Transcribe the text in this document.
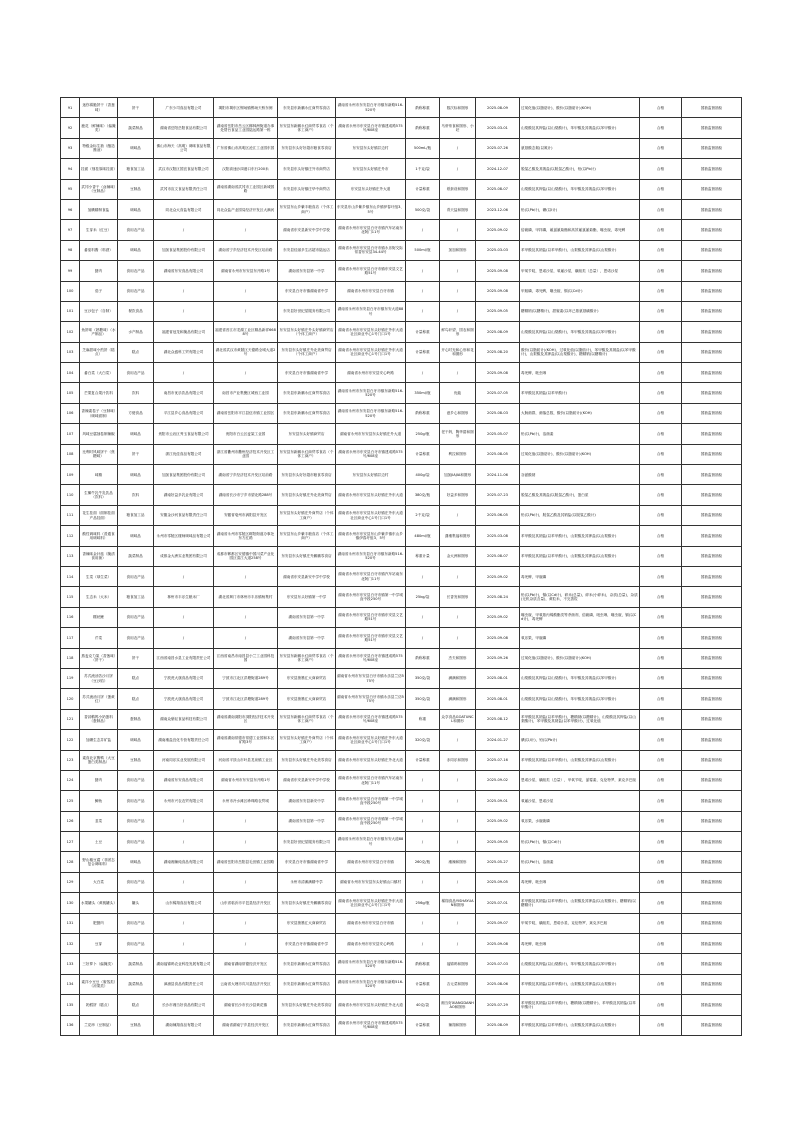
91	迷你薄脆饼干（香葱味）	饼干	广东少司食品有限公司	揭阳市揭东区锡场镇锡场天桥东侧	东安县东新鹏永红商贸零食店	湖南省永州市东安县白牙市镇东新路516-520号	散称称重	数次标和图形	2025-08-09	过氧化值(以脂肪计)，酸价(以脂肪计)(KOH)	合格	国抽监督抽检
92	鹿花（鲜辣味）（偏腌类）	蔬菜制品	湖南省岳阳岳阳食品有限公司	湖南省岳阳市岳云区榔林洲街道办事处帮台食品工业园陆运路第一栋	东安县东新鹏永红商贸零食店（个体工商户）	湖南省永州市东安县白牙市镇建成路575号/608室	散称称重	马蒂蒂食和图形、小坯	2025-03-01	山梨酸及其钾盐(以山梨酸计)，苯甲酸及其钠盐(以苯甲酸计)	合格	国抽监督抽检
93	特级金标生抽（酿造酱油）	调味品	佛山市海天（高明）调味食品有限公司	广东省佛山市高明区沧江工业园东园	东安县东头好好超市粮食零食店	东安县东头好镇井边村	500mL/瓶	/	2025-07-26	氨基酸态氮(以氮计)	合格	国抽监督抽检
94	挂面（细挂原味挂面）	粮食加工品	武汉市汉阳区国宜食品有限公司	汉阳高速沙岗港口东行200米	东安县东头好镇庄外市商贸店	东安县东头好镇庄外市	1千克/袋	/	2024-12-07	脱氢乙酸及其钠盐(以脱氢乙酸计)，铅(以Pb计)	合格	国抽监督抽检
95	武冈小香干（卤辣味）（豆制品）	豆制品	武冈市宣文食品有限责任公司	湖南省湖南省武冈市工业园区新城园路	东安县东头好镇庄华中商贸店	东安县东头好镇庄外大道	计量称重	纸套设和图形	2025-08-07	山梨酸及其钾盐(以山梨酸计)，苯甲酸及其钠盐(以苯甲酸计)	合格	国抽监督抽检
96	加碘精制食盐	调味品	同北众大食盐有限公司	同北众盐产业园局经济开发区大满河	东安县东山乡紫丰粮食店（个体工商户）	东安县东山乡紫乡镇东山乡镇伊春圩组3、5号	500克/袋	青天盐和图形	2023-12-06	铅(以Pb计)，碘(以I计)	合格	国抽监督抽检
97	生芽米（红豆）	食用农产品	/	/	湖南省东安县新安中学中学校	湖南省永州市东安县白牙市镇汽车站南东北阿门11号	/	/	2025-09-02	倍硫磷，甲拌磷，氟氯氰菊酯和高效氟氯氰菊酯，噻虫胺，毒死蜱	合格	国抽监督抽检
98	番茄料酱（料酒）	调味品	加加食品集团股份有限公司	湖南省宁乡经济技术开发区站前路	东安县佳丽多生活超市陆运店	湖南省永州市东安县白牙市镇永乐街交际常香东安县34-44号	500ml/瓶	加加和图形	2025-03-03	苯甲酸及其钠盐(以苯甲酸计)，山梨酸及其钾盐(以山梨酸计)	合格	国抽监督抽检
99	猪肉	食用农产品	湖南省东安食品有限公司	湖南省永州市东安县东开路1号	湖南省东安县第一中学	湖南省永州市东安县白牙市镇东安县文艺路51号	/	/	2025-09-08	甲氧苄啶，恩诺沙星，氧氟沙星，磺胺类（总量），恩诺沙星	合格	国抽监督抽检
100	茄子	食用农产品	/	/	东安县白牙市镇湖南省中学	湖南省永州市东安县白牙市镇	/	/	2025-09-08	甲胺磷，毒死蜱，噻虫胺，镉(以Cd计)	合格	国抽监督抽检
101	豆沙包子（自制）	餐饮食品	/	/	东安县好世纪星服务有限公司	湖南省永州市东安县白牙市镇东安大道88号	/	/	2025-09-05	糖精钠(以糖精计)，甜蜜素(以环己基氨基磺酸计)	合格	国抽监督抽检
102	鱼饼味（熟糖味）（水产制品）	水产制品	福建省冠龙和腌品有限公司	福建省晋江市龙湖工业区精品新祥6688号	东安县东头好镇庄外头好镇商贸店（个体工商户）	湖南省永州市东安县东头好镇庄外东大道社区商业中心1号门口1号	计量称重	鲜鸟轩望、国农和图形	2025-08-09	山梨酸及其钾盐(以山梨酸计)，苯甲酸及其钠盐(以苯甲酸计)	合格	国抽监督抽检
103	芝麻甜味小煎饼（糕点）	糕点	湖北众盛科工贸有限公司	湖北省武汉市黄陂区天德路全城大道2号	东安县东头好镇庄外北美商贸店（个体工商户）	湖南省永州市东安县东头好镇庄外东大道社区商业中心1号门口1号	计量称重	开心时光和心形和花和图形	2025-08-20	酸价(以脂肪计)(KOH)，过氧化值(以脂肪计)，苯甲酸及其钠盐(以苯甲酸计)，山梨酸及其钾盐(以山梨酸计)，糖精钠(以糖精计)	合格	国抽监督抽检
104	番白菜（大白菜）	食用农产品	/	/	东安县白牙市镇湖南省中学	湖南省永州市东安县安心岭路	/	/	2025-09-08	毒死蜱，吡虫啉	合格	国抽监督抽检
105	芒果复合果汁饮料	饮料	南昌市优乐饮品有限公司	南昌市产业集聚区城西工业园	东安县东新鹏永红商贸零食店	湖南省永州市东安县白牙市镇东新路516-520号	350ml/瓶	优能	2025-07-05	苯甲酸及其钠盐(以苯甲酸计)	合格	国抽监督抽检
106	香辣素卷子（豆制味）（调味面制）	方便食品	平江县乡心食品有限公司	湖南省岳阳市平江县伍市镇工业园区	东安县东新鹏永红商贸零食店	湖南省永州市东安县白牙市镇东新路516-520号	散称称重	意乡心和图形	2025-08-03	大肠菌群，菌落总数，酸价(以脂肪计)(KOH)	合格	国抽监督抽检
107	风味豆腐抽卷制辣椒	调味品	贵阳市云岩区秀玉食品有限公司	贵阳市白云区麦架工业园	东安县东头好镇商贸店	湖南省永州市东安县东头好镇庄外大道	250g/瓶	老干妈，陶华碧和图形	2025-05-07	铅(以Pb计)，溶菌素	合格	国抽监督抽检
108	比利时风味饼干（焦糖味）	饼干	浙江优佳食品有限公司	浙江省衢州市衢州经济技术开发区工业园	东安县东新鹏永红商贸零食店（个体工商户）	湖南省永州市东安县白牙市镇建成路575号/608室	计量称重	利拉和图形	2025-08-05	过氧化值(以脂肪计)，酸价(以脂肪计)(KOH)	合格	国抽监督抽检
109	味精	调味品	加加食品集团股份有限公司	湖南省宁乡经济技术开发区站前路	东安县东头好好超市粮食零食店	东安县东头好镇井边村	400g/袋	加加JIAJIA和图形	2024-11-06	谷氨酸钠	合格	国抽监督抽检
110	生椰牛乳牛乳饮品（饮料）	饮料	湖南好益多乳业有限公司	湖南省长沙市宁乡市望北路288号	东安县东头好镇庄外北美商贸店	湖南省永州市东安县东头好镇庄外东大道	380克/瓶	好益多和图形	2025-07-23	脱氢乙酸及其钠盐(以脱氢乙酸计)，蛋白质	合格	国抽监督抽检
111	花生挂面（面制挂面产品挂面）	粮食加工品	安徽金沙河食品有限责任公司	安徽省亳州市涡阳县开发区	东安县东头好镇庄外商贸店（个体工商户）	湖南省永州市东安县东头好镇庄外东大道社区商业中心1号门口1号	2千克/袋	/	2025-06-05	铅(以Pb计)，脱氢乙酸及其钠盐(以脱氢乙酸计)	合格	国抽监督抽检
112	酸性调味料（普通食用调味料）	调味品	永州市零陵区楼师调味品有限公司	湖南省永州市零陵区畔阳街道办事处东方红路	东安县东山乡紫丰粮食店（个体工商户）	湖南省永州市东安县东山乡紫乡镇东山乡镇伊春圩组3、5号	480ml/瓶	潇湘集福和图形	2025-03-08	苯甲酸及其钠盐(以苯甲酸计)，山梨酸及其钾盐(以山梨酸计)	合格	国抽监督抽检
113	香辣味金针菇（腌渍食用菌）	蔬菜制品	成都金大洲实业集团有限公司	成都市郫都区安德镇中国川菜产业化园区清江大道258号	东安县东头好镇庄外鹏鹏零食店	湖南省永州市东安县白牙市镇东新路516-520号	称重计量	金大洲和图形	2025-08-07	苯甲酸及其钠盐(以苯甲酸计)，山梨酸及其钾盐(以山梨酸计)	合格	国抽监督抽检
114	生菜（球生菜）	食用农产品	/	/	湖南省东安县新安中学中学校	湖南省永州市东安县白牙市镇汽车站南东北阿门11号	/	/	2025-09-02	毒死蜱，甲胺磷	合格	国抽监督抽检
115	生态米（大米）	粮食加工品	林州市丰乐生粮米厂	湖北省荆门市林州市丰乐镇杨集村	东安县东头好镇第一中学	湖南省永州市东安县白牙市镇第一中学城直中段250号	25kg/袋	长香发和图形	2025-08-24	铅(以Pb计)，镉(以Cd计)，碎米(总量)，碎米(小碎米)，杂质(总量)，杂质(无机杂质含量)，黄粒米，不完善粒	合格	国抽监督抽检
116	糯丝鲤	食用农产品	/	/	湖南省东安县第一中学	湖南省永州市东安县白牙市镇东安县文艺路51号	/	/	2025-09-02	噻虫胺，甲氧基丙烯酸酯类等杀菌剂，倍硫磷，吡虫啉，噻虫胺，镉(以Cd计)，毒死蜱	合格	国抽监督抽检
117	芹菜	食用农产品	/	/	湖南省东安县第一中学	湖南省永州市东安县白牙市镇东安县文艺路51号	/	/	2025-09-08	氧乐果，甲胺磷	合格	国抽监督抽检
118	燕麦克力架（香葱味）（饼干）	饼干	江西省南昌水县工业有限责任公司	江西省南昌市南昌县小兰工业园科技园	东安县东新鹏永红商贸零食店（个体工商户）	湖南省永州市东安县白牙市镇建成路575号/608室	散称称重	杰夫和图形	2025-09-26	过氧化值(以脂肪计)，酸价(以脂肪计)(KOH)	合格	国抽监督抽检
119	苏式流油苦沙月饼（豆沙馅）	糕点	宁波虎大旗食品有限公司	宁波市江北区洪塘街道289号	东安县狼墨汇大商商贸店	湖南省永州市东安县白牙市镇永乐县兰纺575号	350克/袋	满满和图形	2025-08-01	山梨酸及其钾盐(以山梨酸计)，苯甲酸及其钠盐(以苯甲酸计)	合格	国抽监督抽检
120	苏式流油月饼（蛋黄红）	糕点	宁波虎大旗食品有限公司	宁波市江北区洪塘街道289号	东安县狼墨汇大商商贸店	湖南省永州市东安县白牙市镇永乐县兰纺575号	350克/袋	满满和图形	2025-08-01	山梨酸及其钾盐(以山梨酸计)，苯甲酸及其钠盐(以苯甲酸计)	合格	国抽监督抽检
121	香蒜鹌鹑小奶蛋料（蛋制品）	蛋制品	湖南众豪轻食品科技有限公司	湖南省湖南浏阳市浏阳经济技术开发区	东安县东新鹏永红商贸零食店（个体工商户）	湖南省永州市东安县白牙市镇建成路575号/608室	称重	众享食品GOATUNCL和图形	2025-08-12	苯甲酸及其钠盐(以苯甲酸计)，糖精钠(以糖精计)，山梨酸及其钾盐(以山梨酸计)，苯甲酸及其钠盐(以苯甲酸计)，过氧化值	合格	国抽监督抽检
122	加碘生态井矿盐	调味品	湖南湘盐宜化专营有限责任公司	湖南省湖南常德市常德工业园和本区矿路3号	东安县东头好镇庄外商贸店（个体工商户）	湖南省永州市东安县东头好镇庄外东大道社区商业中心1号门口1号	320克/袋	/	2024-01-27	碘(以I计)，铅(以Pb计)	合格	国抽监督抽检
123	素食北京酱鸭（大豆蛋白类制品）	豆制品	河南同乐实业发展有限公司	河南省平顶山市叶县龙泉镇工业区	东安县东头好镇庄外北美零食店	湖南省永州市东安县东头好镇庄外北大道	计量称重	赤同乐和图形	2025-07-16	苯甲酸及其钠盐(以苯甲酸计)，山梨酸及其钾盐(以山梨酸计)	合格	国抽监督抽检
124	猪肉	食用农产品	湖南省东安食品有限公司	湖南省永州市东安县东开路1号	湖南省东安县新安中学中学校	湖南省永州市东安县白牙市镇汽车站南东北阿门11号	/	/	2025-09-02	恩诺沙星，磺胺类（总量），甲氧苄啶，氯霉素，克伦特罗，莱克多巴胺	合格	国抽监督抽检
125	鲫鱼	食用农产品	永州市兴农农贸有限公司	永州市冷水滩区珍珠路农贸城	湖南省东安县新安中学	湖南省永州市东安县白牙市镇第一中学城直中段250号	/	/	2025-09-01	氧氟沙星，恩诺沙星	合格	国抽监督抽检
126	韭菜	食用农产品	/	/	湖南省东安县第一中学	湖南省永州市东安县白牙市镇第一中学城直中段250号	/	/	2025-09-02	氧乐果，水胺硫磷	合格	国抽监督抽检
127	土豆	食用农产品	/	/	东安县好世纪星服务有限公司	湖南省永州市东安县白牙市镇东安大道88号	/	/	2025-09-05	铅(以Pb计)，镉(以Cd计)	合格	国抽监督抽检
128	野山椒豆腐（非固态复合调味料）	调味品	湖南湘辣纯食品有限公司	湖南省岳阳市岳阳县毛田镇工业园路	东安县白牙市镇湖南省中学	湖南省永州市东安县白牙市镇	260克/瓶	湘辣和图形	2025-05-27	铅(以Pb计)，溶菌素	合格	国抽监督抽检
129	大白菜	食用农产品	/	/	永州市清滩满精中学	湖南省永州市东安县东头好镇山口镇村	/	/	2025-09-05	毒死蜱，吡虫啉	合格	国抽监督抽检
130	水果罐头（黄桃罐头）	罐头	山东稀翔食品有限公司	山东省临沂市平邑县经济开发区	东安县东头好镇庄外鹏鹏零食店	湖南省永州市东安县东头好镇庄外东大道社区商业中心1号门口1号	256g/瓶	稀翔食品YISHAYUAN和图形	2025-07-01	苯甲酸及其钠盐(以苯甲酸计)，山梨酸及其钾盐(以山梨酸计)，糖精钠(以糖精计)	合格	国抽监督抽检
131	肥猪肉	食用农产品	/	/	东安县狼墨汇大商商贸店	湖南省永州市东安县白牙市镇	/	/	2025-09-07	甲氧苄啶，磺胺类，恩诺沙星，克伦特罗，莱克多巴胺	合格	国抽监督抽检
132	豆芽	食用农产品	/	/	东安县白牙市镇湖南省中学	湖南省永州市东安县安心岭路	/	/	2025-09-08	毒死蜱，吡虫啉	合格	国抽监督抽检
133	三好萝卜（偏腌类）	蔬菜制品	湖南福锦码农业科技发展有限公司	湖南省湖南常德经济开发区	东安县东新鹏永红商贸零食店	湖南省永州市东安县白牙市镇东新路516-520号	散称称重	福锦码和图形	2025-07-03	山梨酸及其钾盐(以山梨酸计)，苯甲酸及其钠盐(以苯甲酸计)	合格	国抽监督抽检
134	素洋小豆豆（蜜饯类）（凉果类）	蔬菜制品	漳浦县食品有限责任公司	云南省大理市宾川县经济开发区	东安县东新鹏永红商贸零食店	湖南省永州市东安县白牙市镇东新路516-520号	计量称重	吉元菜和图形	2025-08-06	苯甲酸及其钠盐(以苯甲酸计)，山梨酸及其钾盐(以山梨酸计)	合格	国抽监督抽检
135	奶鳕饼（糕点）	糕点	长沙市湘当好食品有限公司	湖南省长沙市长沙县黄花镇	东安县东头好镇庄外北美零食店	湖南省永州市东安县东头好镇庄外北大道	40克/袋	湘当好XIANGDANHAO和图形	2025-07-29	苯甲酸及其钠盐(以苯甲酸计)，糖精钠(以糖精计)，苯甲酸及其钠盐(以苯甲酸计)	合格	国抽监督抽检
136	兰花串（豆制品）	豆制品	湖南辣翔食品有限公司	湖南省湖南宁乡县经济开发区	东安县东新鹏永红商贸零食店	湖南省永州市东安县白牙市镇建成路575号/608室	计量称重	辣翔和图形	2025-08-09	苯甲酸及其钠盐(以苯甲酸计)，山梨酸及其钾盐(以山梨酸计)	合格	国抽监督抽检
